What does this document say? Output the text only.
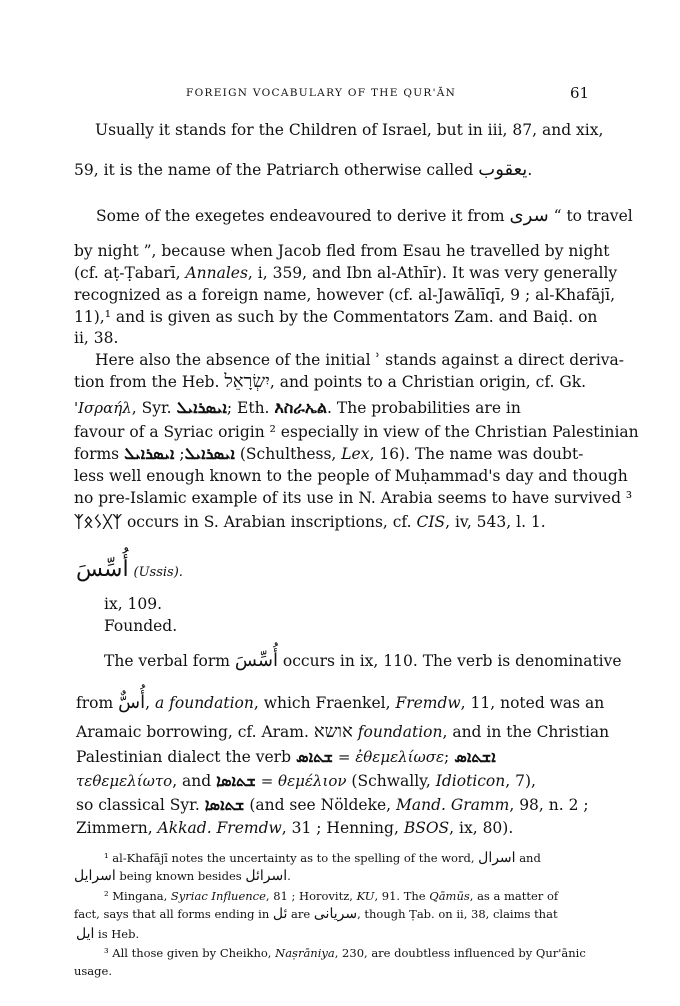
FOREIGN VOCABULARY OF THE QUR'ĀN	61
Usually it stands for the Children of Israel, but in iii, 87, and xix,
59, it is the name of the Patriarch otherwise called يعقوب.
Some of the exegetes endeavoured to derive it from سرى “ to travel
by night ”, because when Jacob fled from Esau he travelled by night
(cf. aṭ-Ṭabarī, Annales, i, 359, and Ibn al-Athīr). It was very generally
recognized as a foreign name, however (cf. al-Jawālīqī, 9 ; al-Khafājī,
11),¹ and is given as such by the Commentators Zam. and Baiḍ. on
ii, 38.
Here also the absence of the initial ʾ stands against a direct deriva-
tion from the Heb. יִשְׂרָאֵל, and points to a Christian origin, cf. Gk.
'Ισραήλ, Syr. ܐܝܣܪܐܝܠ; Eth. እስራኤል. The probabilities are in
favour of a Syriac origin ² especially in view of the Christian Palestinian
forms	ܐܝܣܪܐܝܠ; ܐܝܣܪܐܝܠ	(Schulthess, Lex, 16). The name was doubt-
less well enough known to the people of Muḥammad's day and though
no pre-Islamic example of its use in N. Arabia seems to have survived ³
ᛉᛟᛊᚷᛉ occurs in S. Arabian inscriptions, cf. CIS, iv, 543, l. 1.
أُسِّسَ (Ussis).
ix, 109.
Founded.
The verbal form أُسِّسَ occurs in ix, 110. The verb is denominative
from أُسٌّ, a foundation, which Fraenkel, Fremdw, 11, noted was an
Aramaic borrowing, cf. Aram. אושא foundation, and in the Christian
Palestinian dialect the verb ܫܬܐܣ = ἐθεμελίωσε; ܐܫܬܐܣ
τεθεμελίωτο, and ܫܬܐܣܐ = θεμέλιον (Schwally, Idioticon, 7),
so classical Syr. ܫܬܐܣܐ (and see Nöldeke, Mand. Gramm, 98, n. 2 ;
Zimmern, Akkad. Fremdw, 31 ; Henning, BSOS, ix, 80).
¹ al-Khafājī notes the uncertainty as to the spelling of the word, اسرال and
اسرايل being known besides اسرائل.
² Mingana, Syriac Influence, 81 ; Horovitz, KU, 91. The Qāmūs, as a matter of
fact, says that all forms ending in ئل are سريانى, though Ṭab. on ii, 38, claims that
ايل is Heb.
³ All those given by Cheikho, Naṣrāniya, 230, are doubtless influenced by Qur'ānic
usage.
